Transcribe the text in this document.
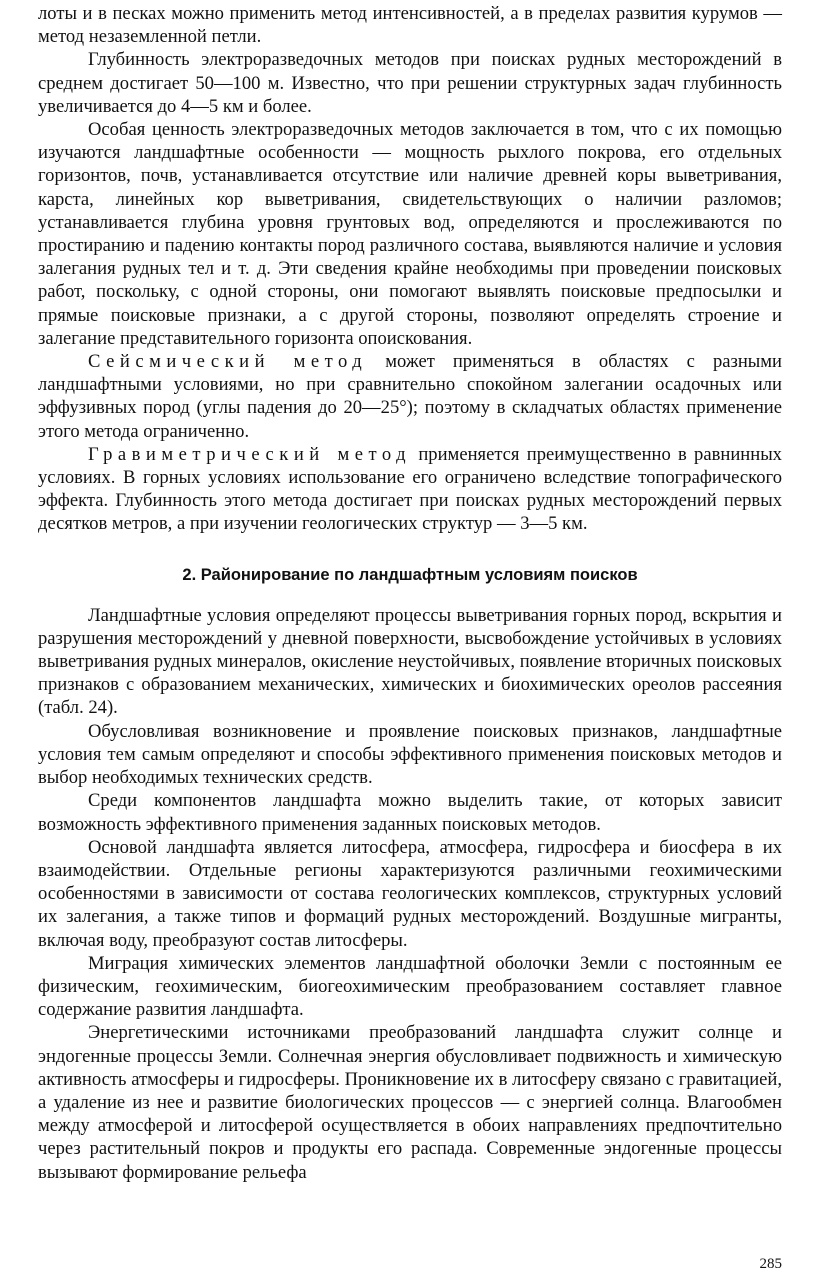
лоты и в песках можно применить метод интенсивностей, а в пределах развития курумов — метод незаземленной петли.

Глубинность электроразведочных методов при поисках рудных месторождений в среднем достигает 50—100 м. Известно, что при решении структурных задач глубинность увеличивается до 4—5 км и более.

Особая ценность электроразведочных методов заключается в том, что с их помощью изучаются ландшафтные особенности — мощность рыхлого покрова, его отдельных горизонтов, почв, устанавливается отсутствие или наличие древней коры выветривания, карста, линейных кор выветривания, свидетельствующих о наличии разломов; устанавливается глубина уровня грунтовых вод, определяются и прослеживаются по простиранию и падению контакты пород различного состава, выявляются наличие и условия залегания рудных тел и т. д. Эти сведения крайне необходимы при проведении поисковых работ, поскольку, с одной стороны, они помогают выявлять поисковые предпосылки и прямые поисковые признаки, а с другой стороны, позволяют определять строение и залегание представительного горизонта опоискования.

Сейсмический метод может применяться в областях с разными ландшафтными условиями, но при сравнительно спокойном залегании осадочных или эффузивных пород (углы падения до 20—25°); поэтому в складчатых областях применение этого метода ограниченно.

Гравиметрический метод применяется преимущественно в равнинных условиях. В горных условиях использование его ограничено вследствие топографического эффекта. Глубинность этого метода достигает при поисках рудных месторождений первых десятков метров, а при изучении геологических структур — 3—5 км.

2. Районирование по ландшафтным условиям поисков

Ландшафтные условия определяют процессы выветривания горных пород, вскрытия и разрушения месторождений у дневной поверхности, высвобождение устойчивых в условиях выветривания рудных минералов, окисление неустойчивых, появление вторичных поисковых признаков с образованием механических, химических и биохимических ореолов рассеяния (табл. 24).

Обусловливая возникновение и проявление поисковых признаков, ландшафтные условия тем самым определяют и способы эффективного применения поисковых методов и выбор необходимых технических средств.

Среди компонентов ландшафта можно выделить такие, от которых зависит возможность эффективного применения заданных поисковых методов.

Основой ландшафта является литосфера, атмосфера, гидросфера и биосфера в их взаимодействии. Отдельные регионы характеризуются различными геохимическими особенностями в зависимости от состава геологических комплексов, структурных условий их залегания, а также типов и формаций рудных месторождений. Воздушные мигранты, включая воду, преобразуют состав литосферы.

Миграция химических элементов ландшафтной оболочки Земли с постоянным ее физическим, геохимическим, биогеохимическим преобразованием составляет главное содержание развития ландшафта.

Энергетическими источниками преобразований ландшафта служит солнце и эндогенные процессы Земли. Солнечная энергия обусловливает подвижность и химическую активность атмосферы и гидросферы. Проникновение их в литосферу связано с гравитацией, а удаление из нее и развитие биологических процессов — с энергией солнца. Влагообмен между атмосферой и литосферой осуществляется в обоих направлениях предпочтительно через растительный покров и продукты его распада. Современные эндогенные процессы вызывают формирование рельефа

285
